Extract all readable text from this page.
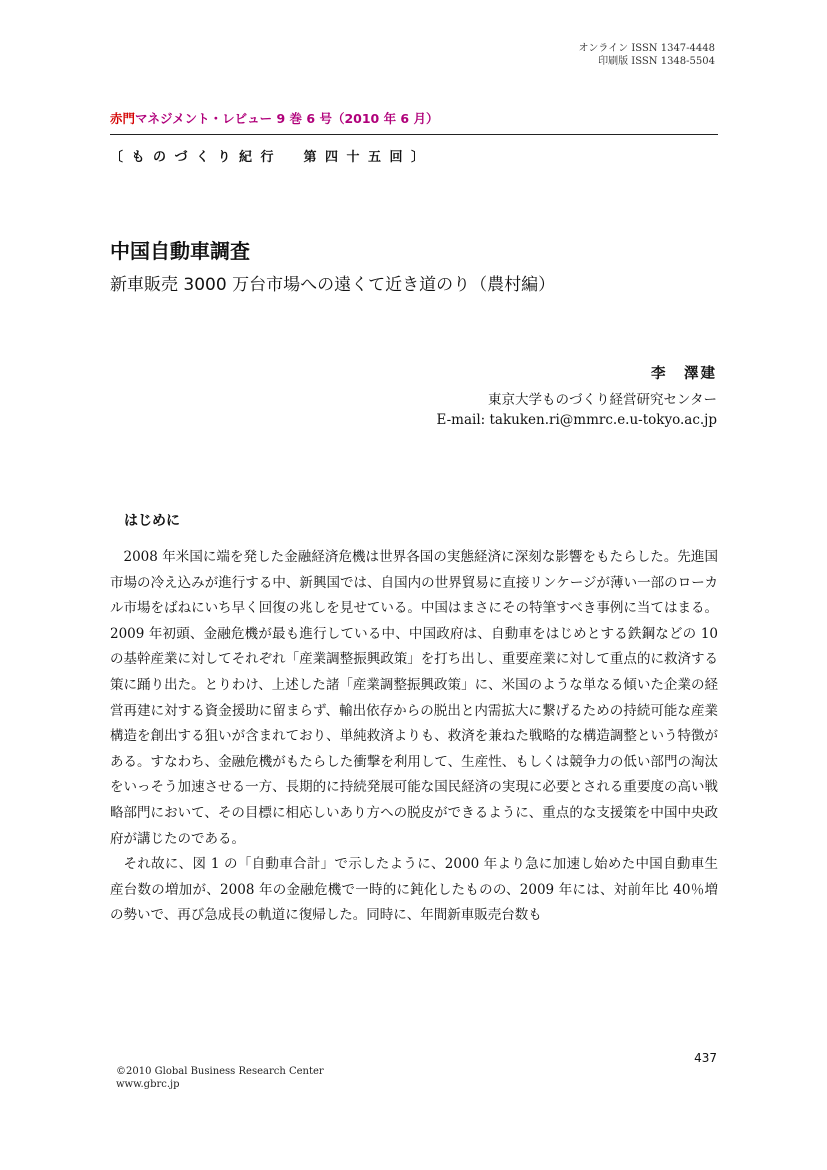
オンライン ISSN 1347-4448
印刷版 ISSN 1348-5504
赤門マネジメント・レビュー 9 巻 6 号（2010 年 6 月）
〔ものづくり紀行　第四十五回〕
中国自動車調査
新車販売 3000 万台市場への遠くて近き道のり（農村編）
李　澤建
東京大学ものづくり経営研究センター
E-mail: takuken.ri@mmrc.e.u-tokyo.ac.jp
はじめに

2008 年米国に端を発した金融経済危機は世界各国の実態経済に深刻な影響をもたらした。先進国市場の冷え込みが進行する中、新興国では、自国内の世界貿易に直接リンケージが薄い一部のローカル市場をばねにいち早く回復の兆しを見せている。中国はまさにその特筆すべき事例に当てはまる。2009 年初頭、金融危機が最も進行している中、中国政府は、自動車をはじめとする鉄鋼などの 10 の基幹産業に対してそれぞれ「産業調整振興政策」を打ち出し、重要産業に対して重点的に救済する策に踊り出た。とりわけ、上述した諸「産業調整振興政策」に、米国のような単なる傾いた企業の経営再建に対する資金援助に留まらず、輸出依存からの脱出と内需拡大に繋げるための持続可能な産業構造を創出する狙いが含まれており、単純救済よりも、救済を兼ねた戦略的な構造調整という特徴がある。すなわち、金融危機がもたらした衝撃を利用して、生産性、もしくは競争力の低い部門の淘汰をいっそう加速させる一方、長期的に持続発展可能な国民経済の実現に必要とされる重要度の高い戦略部門において、その目標に相応しいあり方への脱皮ができるように、重点的な支援策を中国中央政府が講じたのである。

それ故に、図 1 の「自動車合計」で示したように、2000 年より急に加速し始めた中国自動車生産台数の増加が、2008 年の金融危機で一時的に鈍化したものの、2009 年には、対前年比 40％増の勢いで、再び急成長の軌道に復帰した。同時に、年間新車販売台数も

437
©2010 Global Business Research Center
www.gbrc.jp
